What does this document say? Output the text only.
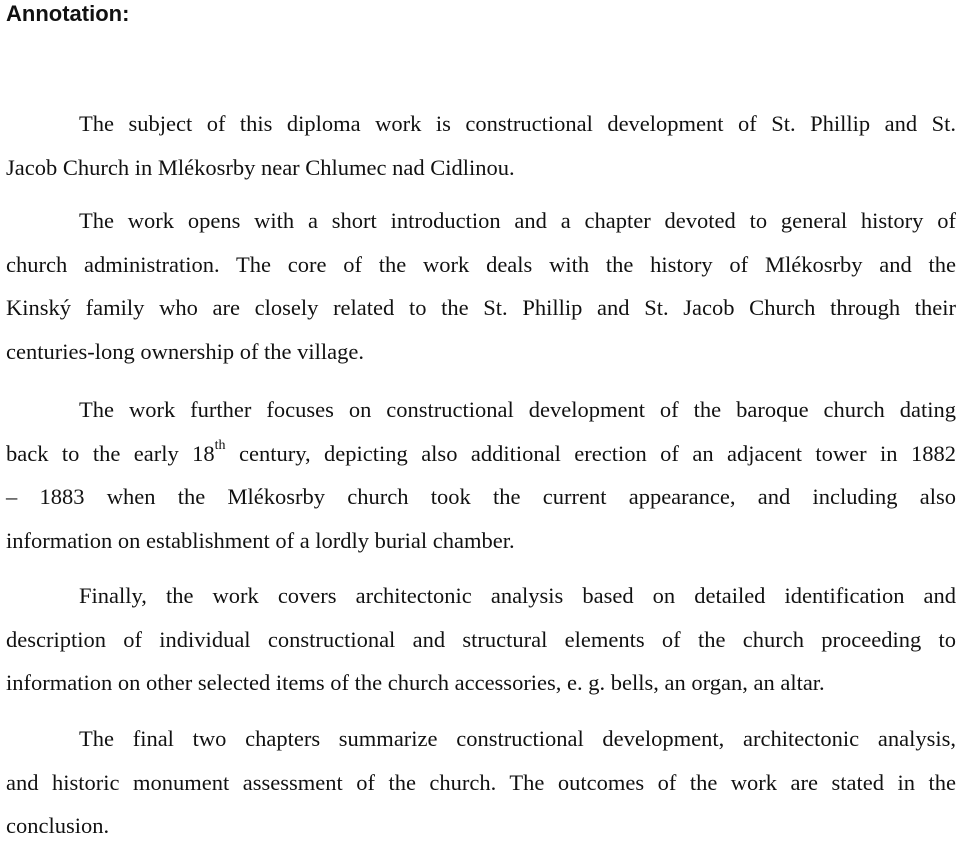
Annotation:

The subject of this diploma work is constructional development of St. Phillip and St.
Jacob Church in Mlékosrby near Chlumec nad Cidlinou.

The work opens with a short introduction and a chapter devoted to general history of
church administration. The core of the work deals with the history of Mlékosrby and the
Kinský family who are closely related to the St. Phillip and St. Jacob Church through their
centuries-long ownership of the village.

The work further focuses on constructional development of the baroque church dating
back to the early 18th century, depicting also additional erection of an adjacent tower in 1882
– 1883 when the Mlékosrby church took the current appearance, and including also
information on establishment of a lordly burial chamber.

Finally, the work covers architectonic analysis based on detailed identification and
description of individual constructional and structural elements of the church proceeding to
information on other selected items of the church accessories, e. g. bells, an organ, an altar.

The final two chapters summarize constructional development, architectonic analysis,
and historic monument assessment of the church. The outcomes of the work are stated in the
conclusion.
